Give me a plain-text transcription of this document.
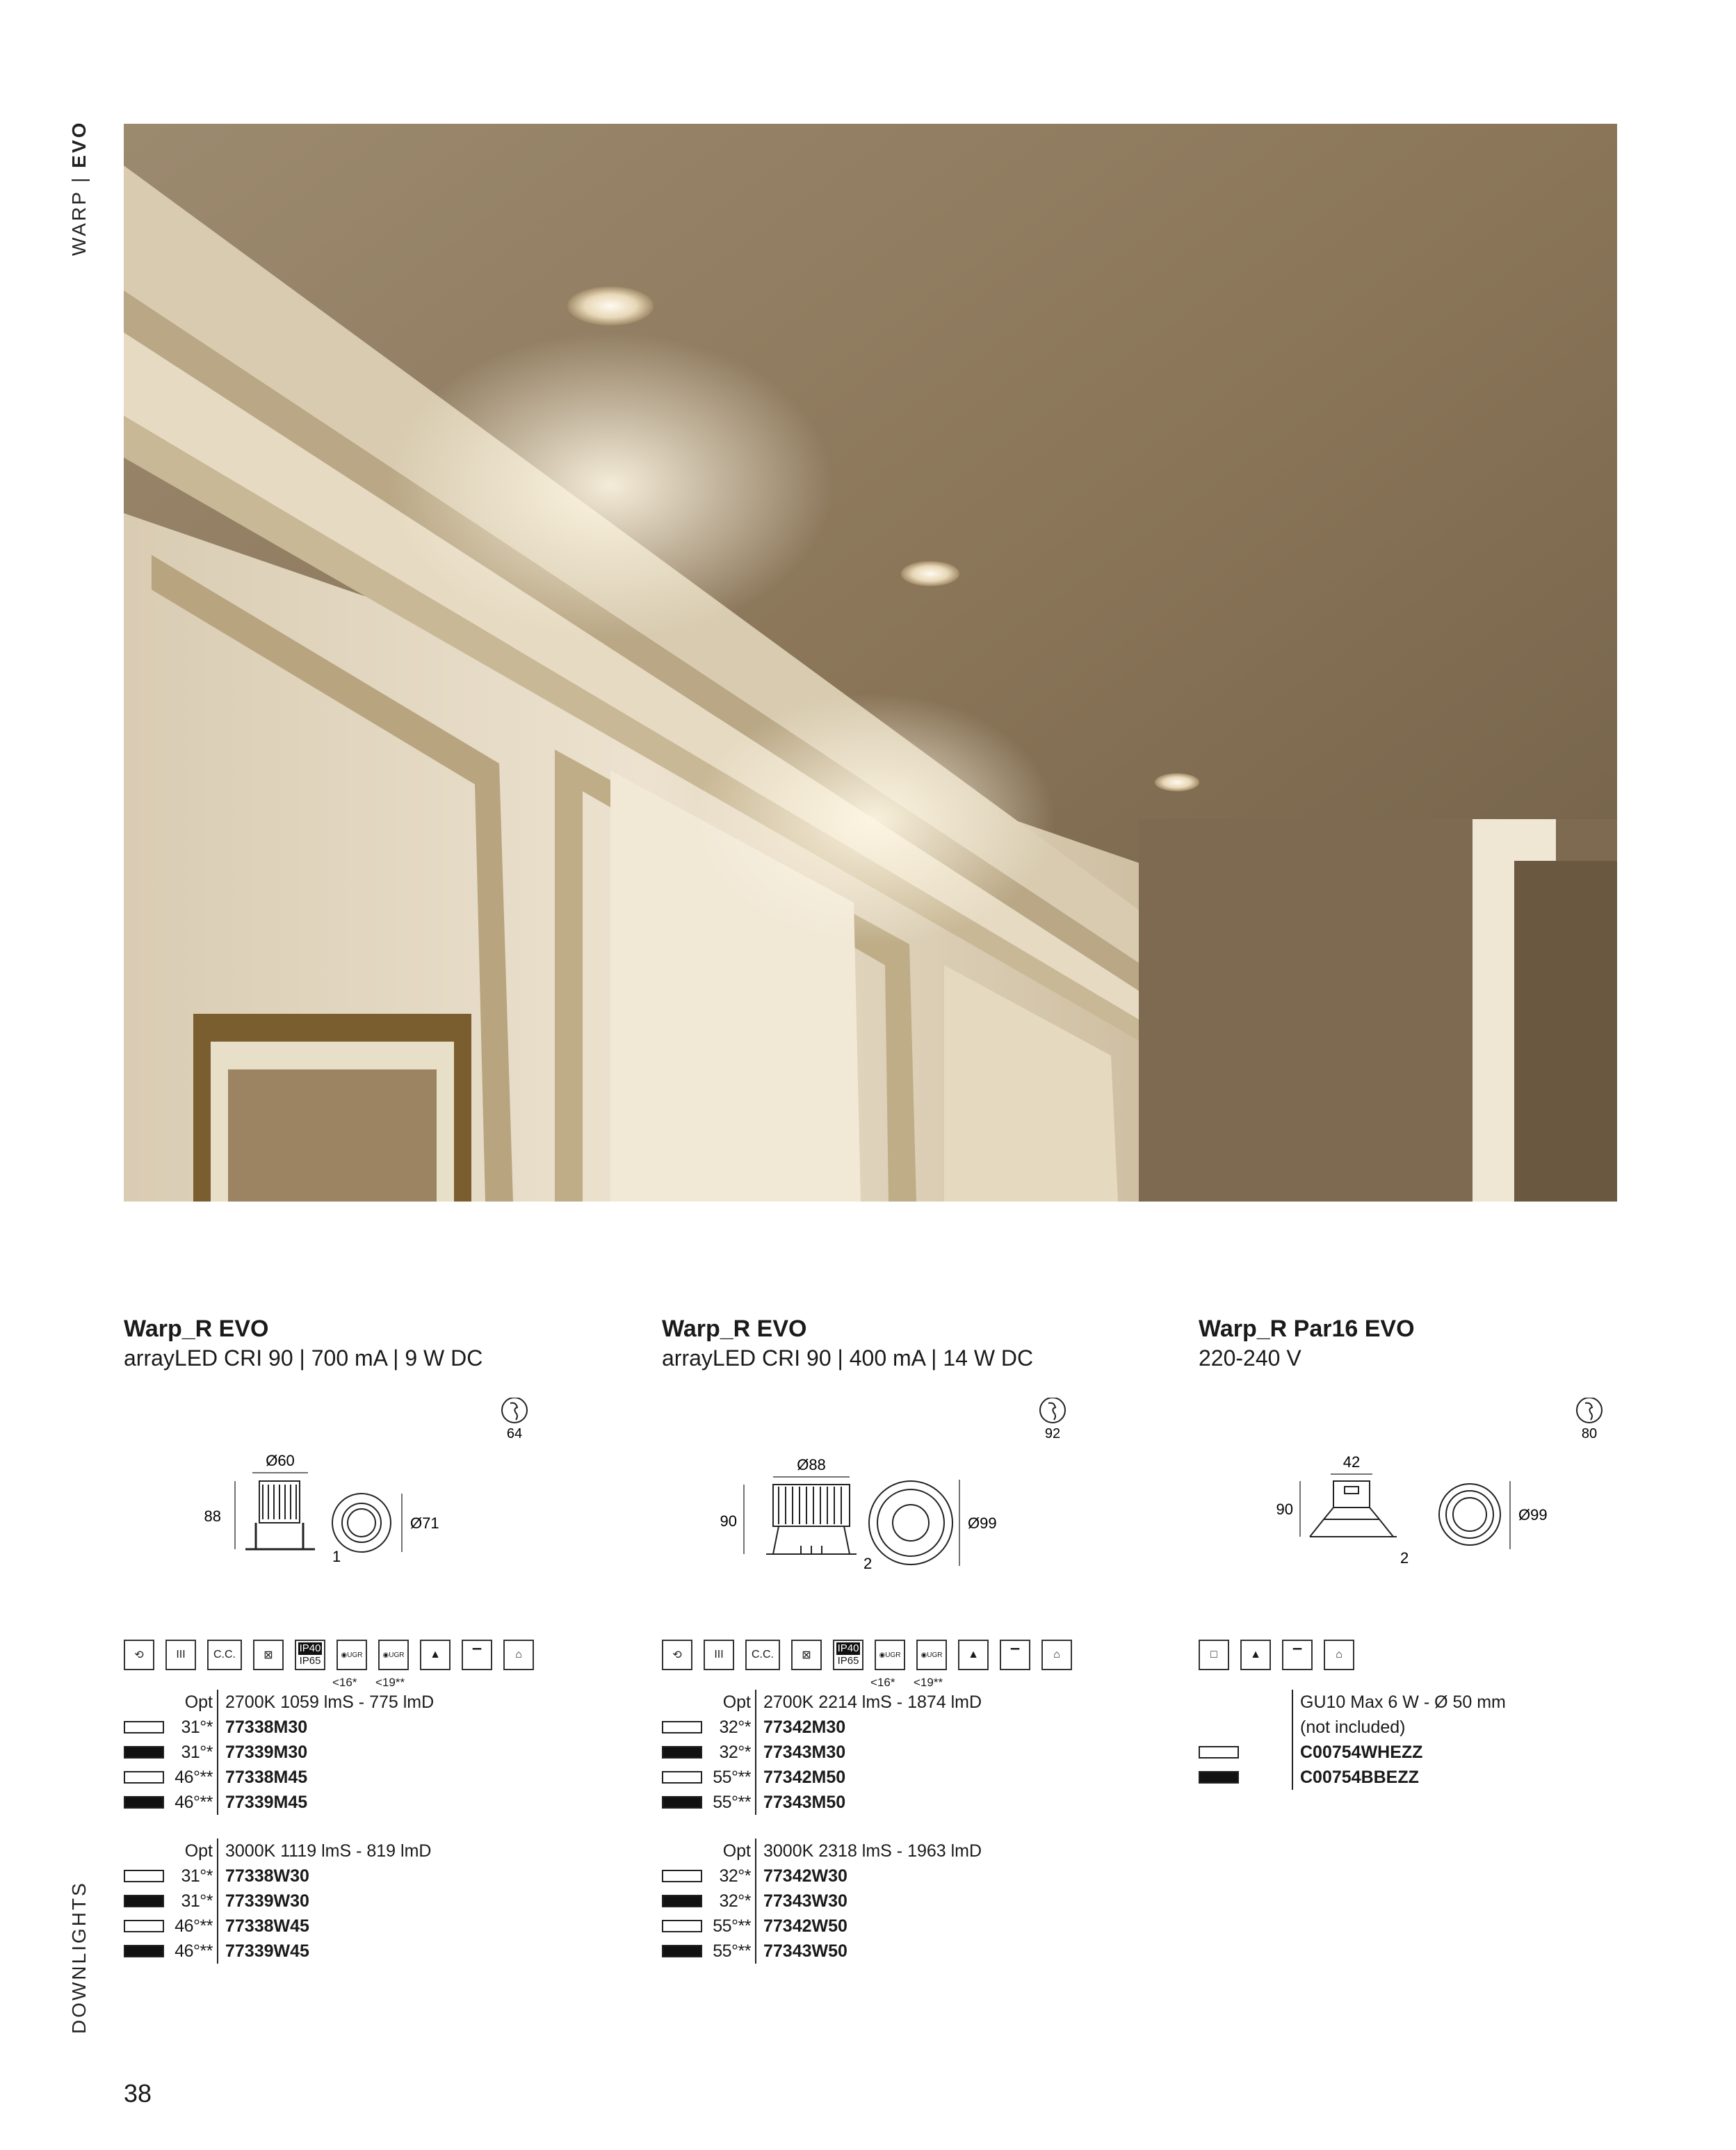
WARP | EVO
DOWNLIGHTS
Warp_R EVO
arrayLED CRI 90 | 700 mA | 9 W DC
64
Ø60
88
1
Ø71
⟲	III	C.C.	⊠
IP40
IP65	◉ UGR	◉ UGR	▲	▔	⌂
<16* <19**
Opt 2700K 1059 lmS - 775 lmD
31°* 77338M30
31°* 77339M30
46°** 77338M45
46°** 77339M45
Opt 3000K 1119 lmS - 819 lmD
31°* 77338W30
31°* 77339W30
46°** 77338W45
46°** 77339W45
Warp_R EVO
arrayLED CRI 90 | 400 mA | 14 W DC
92
Ø88
90
2
Ø99
⟲	III	C.C.	⊠
IP40
IP65	◉ UGR	◉ UGR	▲	▔	⌂
<16* <19**
Opt 2700K 2214 lmS - 1874 lmD
32°* 77342M30
32°* 77343M30
55°** 77342M50
55°** 77343M50
Opt 3000K 2318 lmS - 1963 lmD
32°* 77342W30
32°* 77343W30
55°** 77342W50
55°** 77343W50
Warp_R Par16 EVO
220-240 V
80
42
90
2
Ø99
□	▲	▔	⌂
GU10 Max 6 W - Ø 50 mm
(not included)
C00754WHEZZ
C00754BBEZZ
38
